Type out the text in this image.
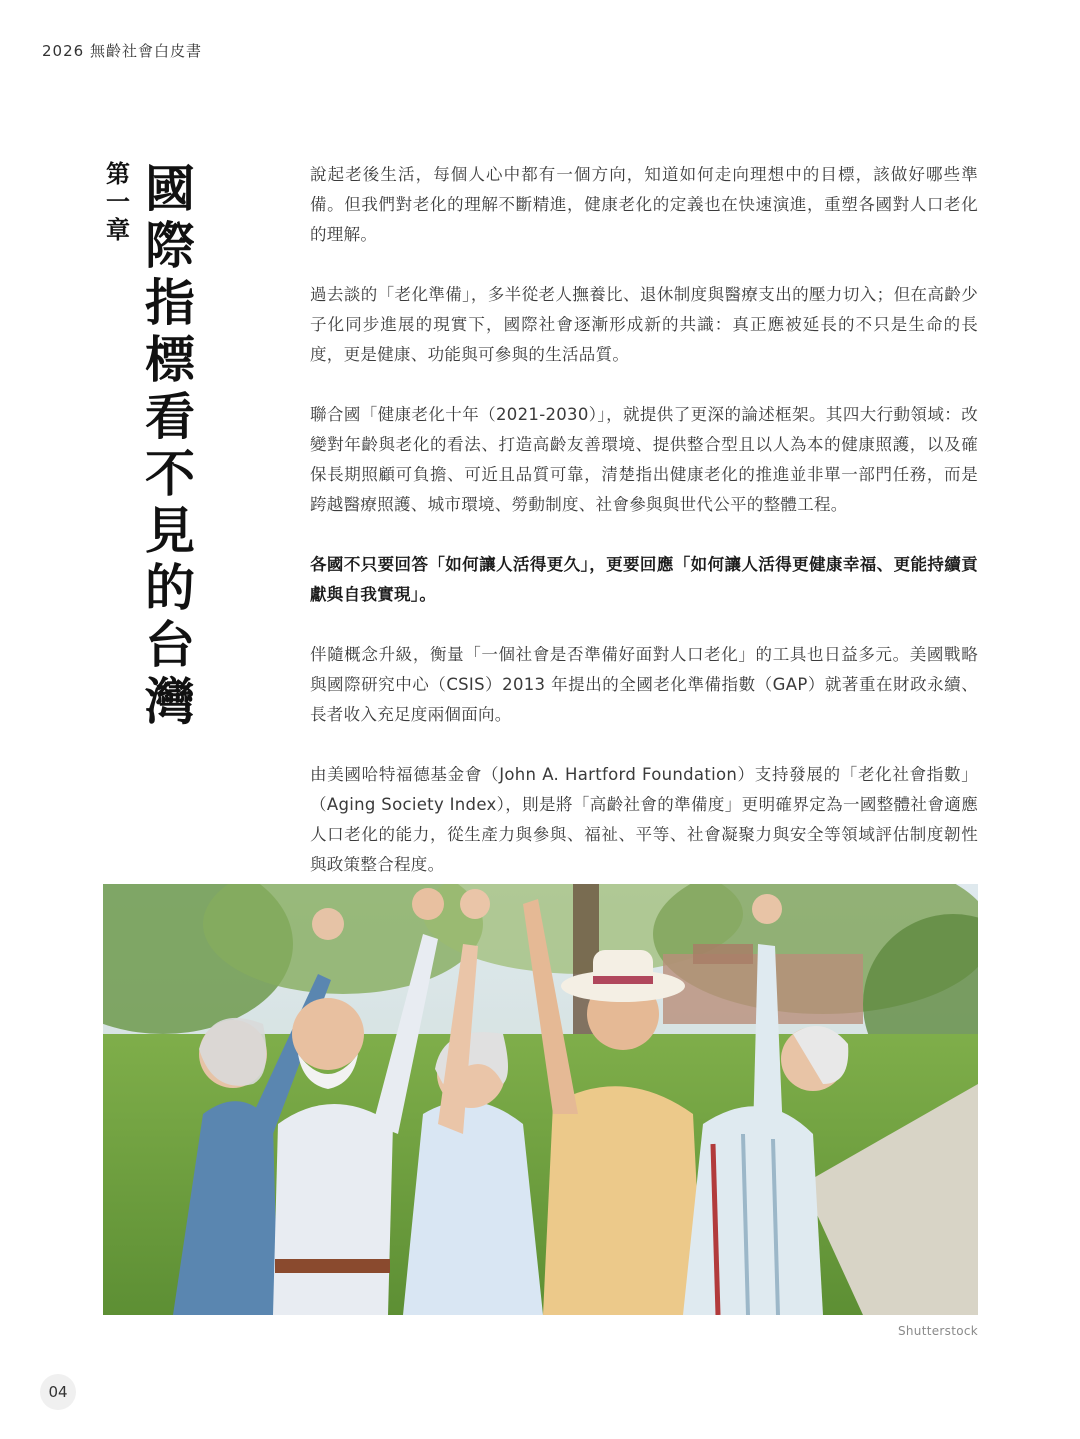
2026 無齡社會白皮書
第
一
章
國
際
指
標
看
不
見
的
台
灣

說起老後生活，每個人心中都有一個方向，知道如何走向理想中的目標，該做好哪些準備。但我們對老化的理解不斷精進，健康老化的定義也在快速演進，重塑各國對人口老化的理解。

過去談的「老化準備」，多半從老人撫養比、退休制度與醫療支出的壓力切入；但在高齡少子化同步進展的現實下，國際社會逐漸形成新的共識：真正應被延長的不只是生命的長度，更是健康、功能與可參與的生活品質。

聯合國「健康老化十年（2021-2030）」，就提供了更深的論述框架。其四大行動領域：改變對年齡與老化的看法、打造高齡友善環境、提供整合型且以人為本的健康照護，以及確保長期照顧可負擔、可近且品質可靠，清楚指出健康老化的推進並非單一部門任務，而是跨越醫療照護、城市環境、勞動制度、社會參與與世代公平的整體工程。

各國不只要回答「如何讓人活得更久」，更要回應「如何讓人活得更健康幸福、更能持續貢獻與自我實現」。

伴隨概念升級，衡量「一個社會是否準備好面對人口老化」的工具也日益多元。美國戰略與國際研究中心（CSIS）2013 年提出的全國老化準備指數（GAP）就著重在財政永續、長者收入充足度兩個面向。

由美國哈特福德基金會（John A. Hartford Foundation）支持發展的「老化社會指數」（Aging Society Index），則是將「高齡社會的準備度」更明確界定為一國整體社會適應人口老化的能力，從生產力與參與、福祉、平等、社會凝聚力與安全等領域評估制度韌性與政策整合程度。

Shutterstock
04
